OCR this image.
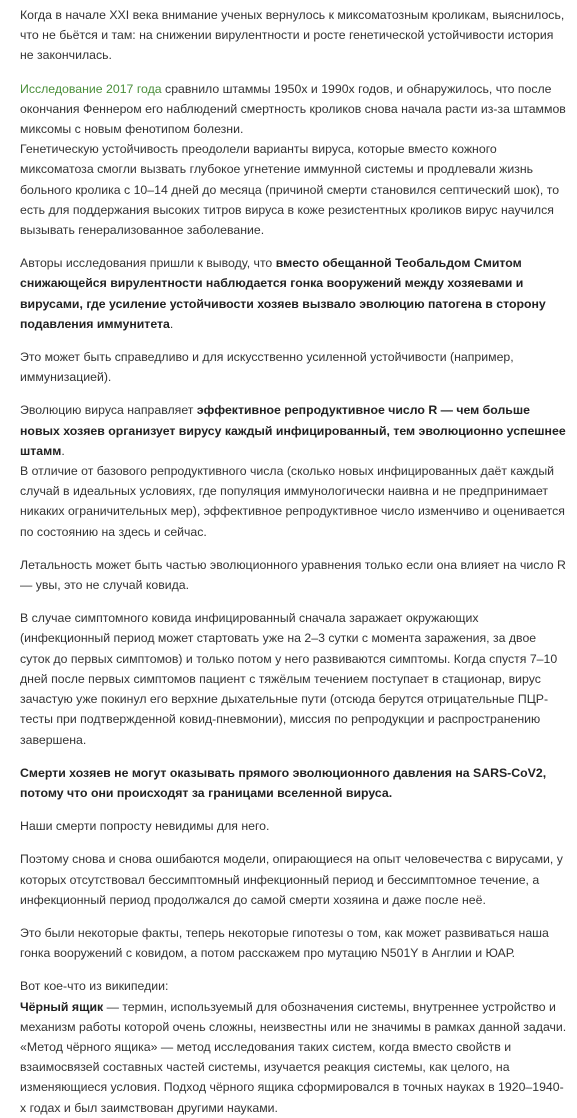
Когда в начале XXI века внимание ученых вернулось к миксоматозным кроликам, выяснилось, что не бьётся и там: на снижении вирулентности и росте генетической устойчивости история не закончилась.

Исследование 2017 года сравнило штаммы 1950х и 1990х годов, и обнаружилось, что после окончания Феннером его наблюдений смертность кроликов снова начала расти из-за штаммов миксомы с новым фенотипом болезни.

Генетическую устойчивость преодолели варианты вируса, которые вместо кожного миксоматоза смогли вызвать глубокое угнетение иммунной системы и продлевали жизнь больного кролика с 10–14 дней до месяца (причиной смерти становился септический шок), то есть для поддержания высоких титров вируса в коже резистентных кроликов вирус научился вызывать генерализованное заболевание.

Авторы исследования пришли к выводу, что вместо обещанной Теобальдом Смитом снижающейся вирулентности наблюдается гонка вооружений между хозяевами и вирусами, где усиление устойчивости хозяев вызвало эволюцию патогена в сторону подавления иммунитета.

Это может быть справедливо и для искусственно усиленной устойчивости (например, иммунизацией).

Эволюцию вируса направляет эффективное репродуктивное число R — чем больше новых хозяев организует вирусу каждый инфицированный, тем эволюционно успешнее штамм.

В отличие от базового репродуктивного числа (сколько новых инфицированных даёт каждый случай в идеальных условиях, где популяция иммунологически наивна и не предпринимает никаких ограничительных мер), эффективное репродуктивное число изменчиво и оценивается по состоянию на здесь и сейчас.

Летальность может быть частью эволюционного уравнения только если она влияет на число R — увы, это не случай ковида.

В случае симптомного ковида инфицированный сначала заражает окружающих (инфекционный период может стартовать уже на 2–3 сутки с момента заражения, за двое суток до первых симптомов) и только потом у него развиваются симптомы. Когда спустя 7–10 дней после первых симптомов пациент с тяжёлым течением поступает в стационар, вирус зачастую уже покинул его верхние дыхательные пути (отсюда берутся отрицательные ПЦР-тесты при подтвержденной ковид-пневмонии), миссия по репродукции и распространению завершена.

Смерти хозяев не могут оказывать прямого эволюционного давления на SARS-CoV2, потому что они происходят за границами вселенной вируса.

Наши смерти попросту невидимы для него.

Поэтому снова и снова ошибаются модели, опирающиеся на опыт человечества с вирусами, у которых отсутствовал бессимптомный инфекционный период и бессимптомное течение, а инфекционный период продолжался до самой смерти хозяина и даже после неё.

Это были некоторые факты, теперь некоторые гипотезы о том, как может развиваться наша гонка вооружений с ковидом, а потом расскажем про мутацию N501Y в Англии и ЮАР.

Вот кое-что из википедии:

Чёрный ящик — термин, используемый для обозначения системы, внутреннее устройство и механизм работы которой очень сложны, неизвестны или не значимы в рамках данной задачи. «Метод чёрного ящика» — метод исследования таких систем, когда вместо свойств и взаимосвязей составных частей системы, изучается реакция системы, как целого, на изменяющиеся условия. Подход чёрного ящика сформировался в точных науках в 1920–1940-х годах и был заимствован другими науками.
